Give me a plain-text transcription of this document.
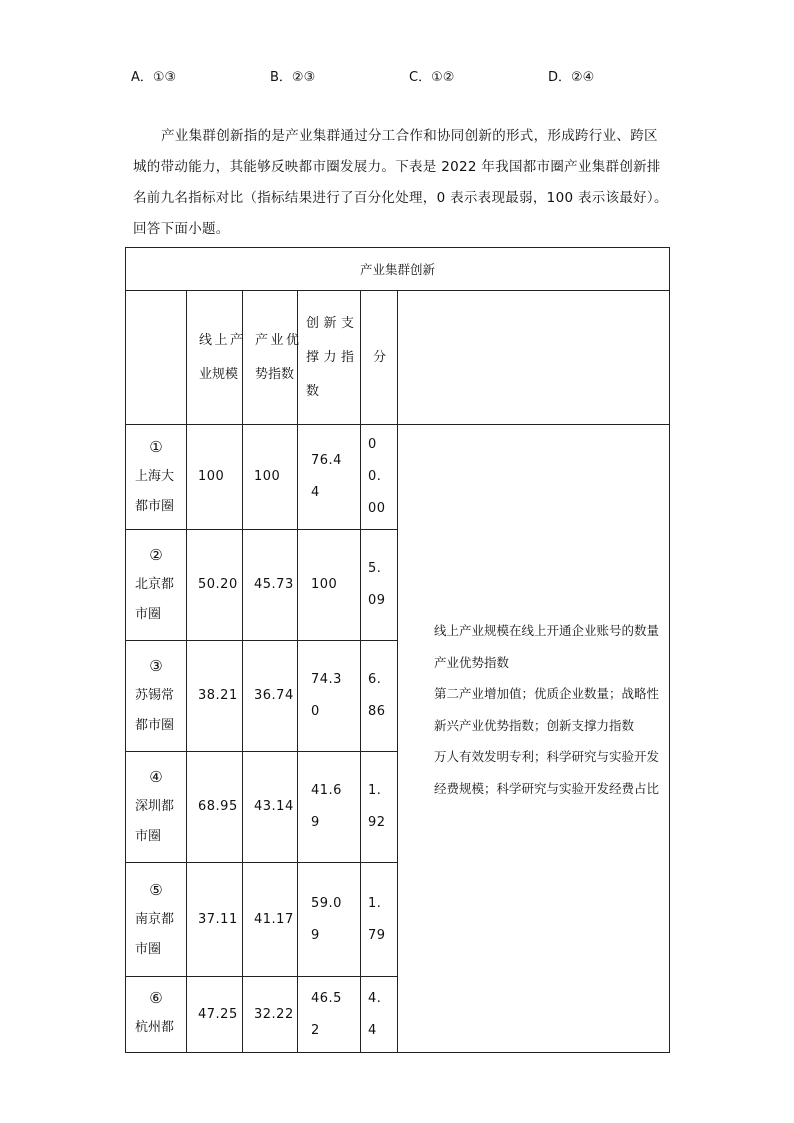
A．①③	B．②③	C．①②	D．②④

产业集群创新指的是产业集群通过分工合作和协同创新的形式，形成跨行业、跨区
城的带动能力，其能够反映都市圈发展力。下表是 2022 年我国都市圈产业集群创新排
名前九名指标对比（指标结果进行了百分化处理，0 表示表现最弱，100 表示该最好）。
回答下面小题。

产业集群创新					

	线上产业规模	产业优势指数	创新支撑力指数	分	

①
上海大都市圈	100	100	76.44	00.00	线上产业规模在线上开通企业账号的数量
产业优势指数
第二产业增加值；优质企业数量；战略性新兴产业优势指数；创新支撑力指数
万人有效发明专利；科学研究与实验开发经费规模；科学研究与实验开发经费占比

②
北京都市圈	50.20	45.73	100	5.09	

③
苏锡常都市圈	38.21	36.74	74.30	6.86	

④
深圳都市圈	68.95	43.14	41.69	1.92	

⑤
南京都市圈	37.11	41.17	59.09	1.79	

⑥
杭州都	47.25	32.22	46.52	4.4	
